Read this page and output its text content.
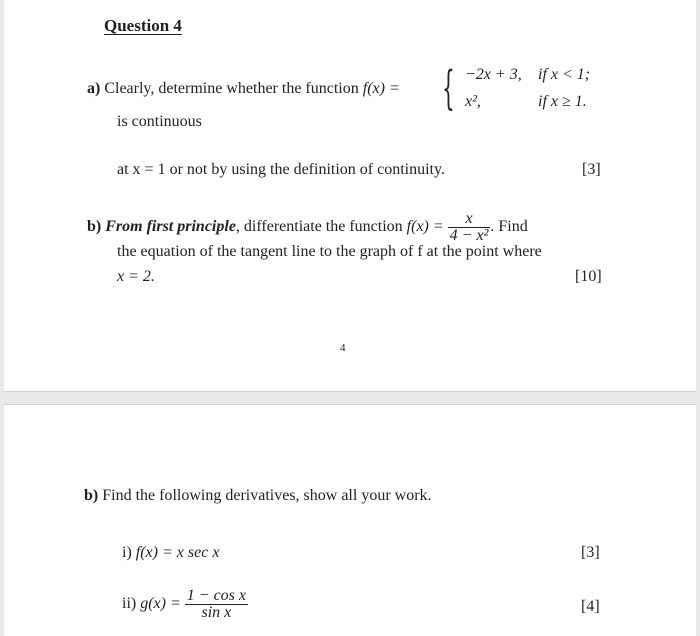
Question 4
a) Clearly, determine whether the function f(x) = { −2x + 3, if x < 1;
x²,	if x ≥ 1.
is continuous
at x = 1 or not by using the definition of continuity.	[3]
b) From first principle, differentiate the function $f(x) = \frac{x}{\text{4 − x²}}$ . Find
the equation of the tangent line to the graph of f at the point where
x = 2.	[10]
4
b) Find the following derivatives, show all your work.
i) f(x) = x sec x	[3]
ii) $g(x) = \frac{\text{1 − cos x}}{\text{sin x}}$	[4]
